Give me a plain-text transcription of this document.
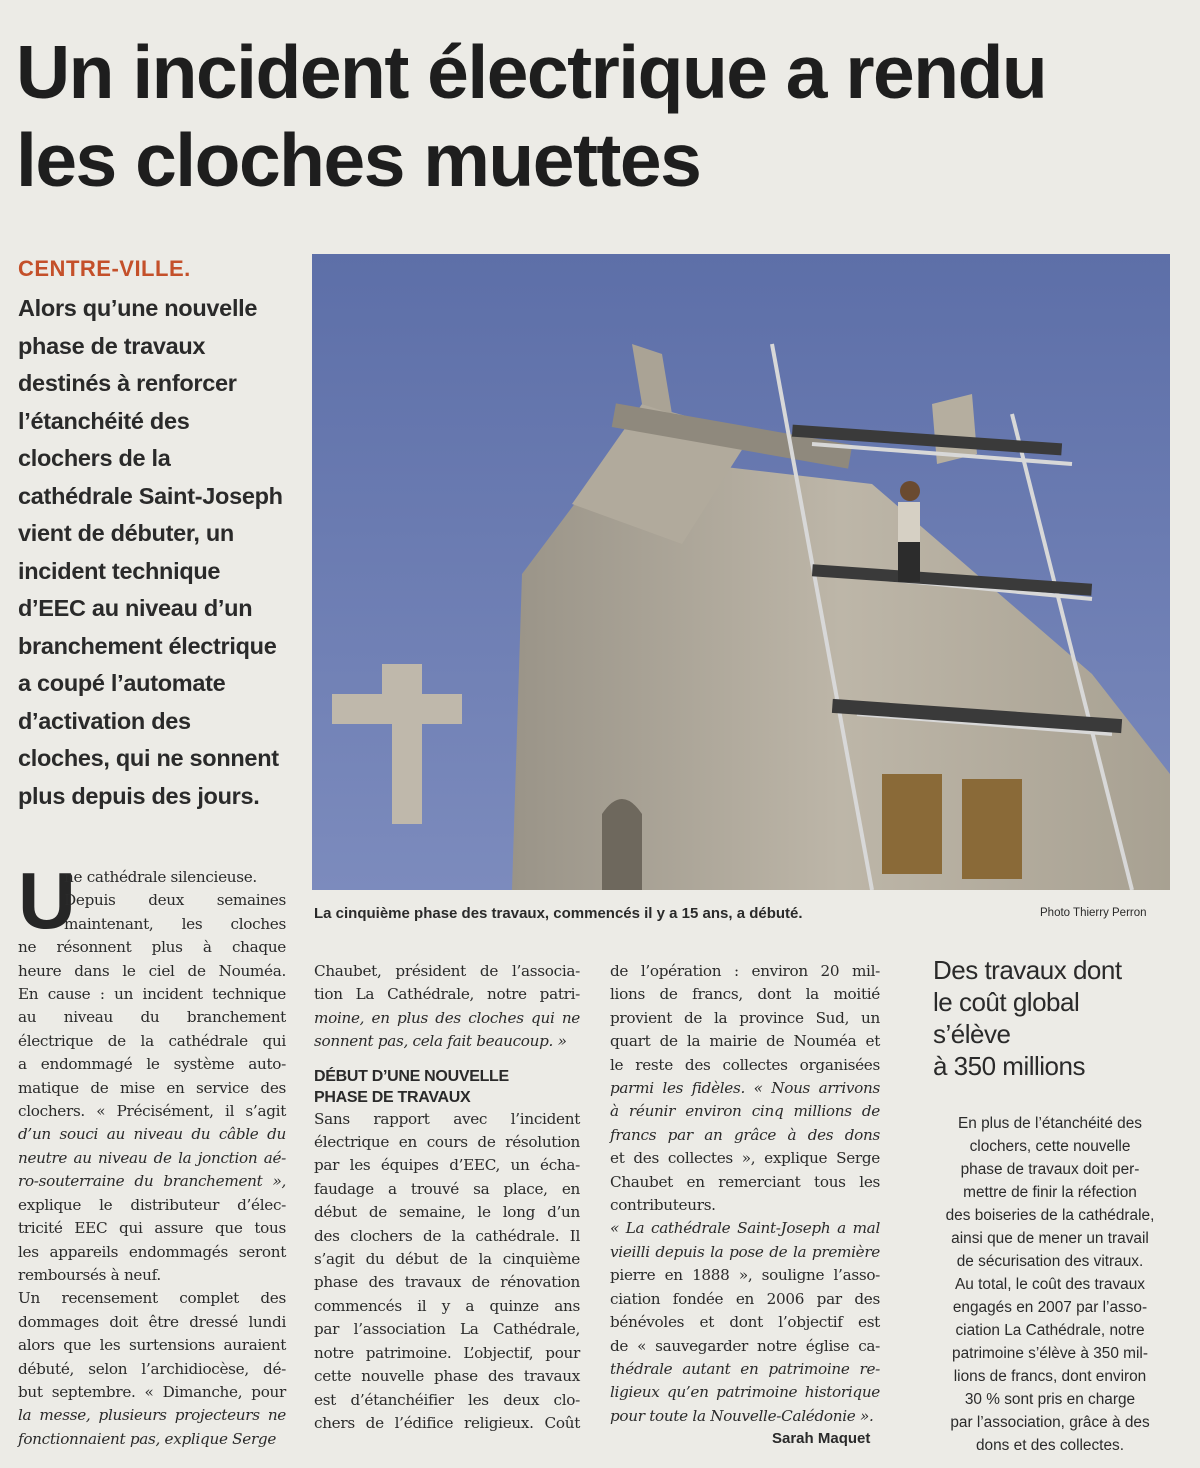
Un incident électrique a rendu
les cloches muettes
CENTRE-VILLE.
Alors qu’une nouvelle
phase de travaux
destinés à renforcer
l’étanchéité des
clochers de la
cathédrale Saint-Joseph
vient de débuter, un
incident technique
d’EEC au niveau d’un
branchement électrique
a coupé l’automate
d’activation des
cloches, qui ne sonnent
plus depuis des jours.
La cinquième phase des travaux, commencés il y a 15 ans, a débuté.	Photo Thierry Perron
U
ne cathédrale silencieuse.
Depuis deux semaines
maintenant, les cloches
ne résonnent plus à chaque
heure dans le ciel de Nouméa.
En cause : un incident technique
au niveau du branchement
électrique de la cathédrale qui
a endommagé le système auto-
matique de mise en service des
clochers. « Précisément, il s’agit
d’un souci au niveau du câble du
neutre au niveau de la jonction aé-
ro-souterraine du branchement »,
explique le distributeur d’élec-
tricité EEC qui assure que tous
les appareils endommagés seront
remboursés à neuf.
Un recensement complet des
dommages doit être dressé lundi
alors que les surtensions auraient
débuté, selon l’archidiocèse, dé-
but septembre. « Dimanche, pour
la messe, plusieurs projecteurs ne
fonctionnaient pas, explique Serge
Chaubet, président de l’associa-
tion La Cathédrale, notre patri-
moine, en plus des cloches qui ne
sonnent pas, cela fait beaucoup. »
DÉBUT D’UNE NOUVELLE
PHASE DE TRAVAUX
Sans rapport avec l’incident
électrique en cours de résolution
par les équipes d’EEC, un écha-
faudage a trouvé sa place, en
début de semaine, le long d’un
des clochers de la cathédrale. Il
s’agit du début de la cinquième
phase des travaux de rénovation
commencés il y a quinze ans
par l’association La Cathédrale,
notre patrimoine. L’objectif, pour
cette nouvelle phase des travaux
est d’étanchéifier les deux clo-
chers de l’édifice religieux. Coût
de l’opération : environ 20 mil-
lions de francs, dont la moitié
provient de la province Sud, un
quart de la mairie de Nouméa et
le reste des collectes organisées
parmi les fidèles. « Nous arrivons
à réunir environ cinq millions de
francs par an grâce à des dons
et des collectes », explique Serge
Chaubet en remerciant tous les
contributeurs.
« La cathédrale Saint-Joseph a mal
vieilli depuis la pose de la première
pierre en 1888 », souligne l’asso-
ciation fondée en 2006 par des
bénévoles et dont l’objectif est
de « sauvegarder notre église ca-
thédrale autant en patrimoine re-
ligieux qu’en patrimoine historique
pour toute la Nouvelle-Calédonie ».
Sarah Maquet
Des travaux dont
le coût global
s’élève
à 350 millions
En plus de l’étanchéité des
clochers, cette nouvelle
phase de travaux doit per-
mettre de finir la réfection
des boiseries de la cathédrale,
ainsi que de mener un travail
de sécurisation des vitraux.
Au total, le coût des travaux
engagés en 2007 par l’asso-
ciation La Cathédrale, notre
patrimoine s’élève à 350 mil-
lions de francs, dont environ
30 % sont pris en charge
par l’association, grâce à des
dons et des collectes.
